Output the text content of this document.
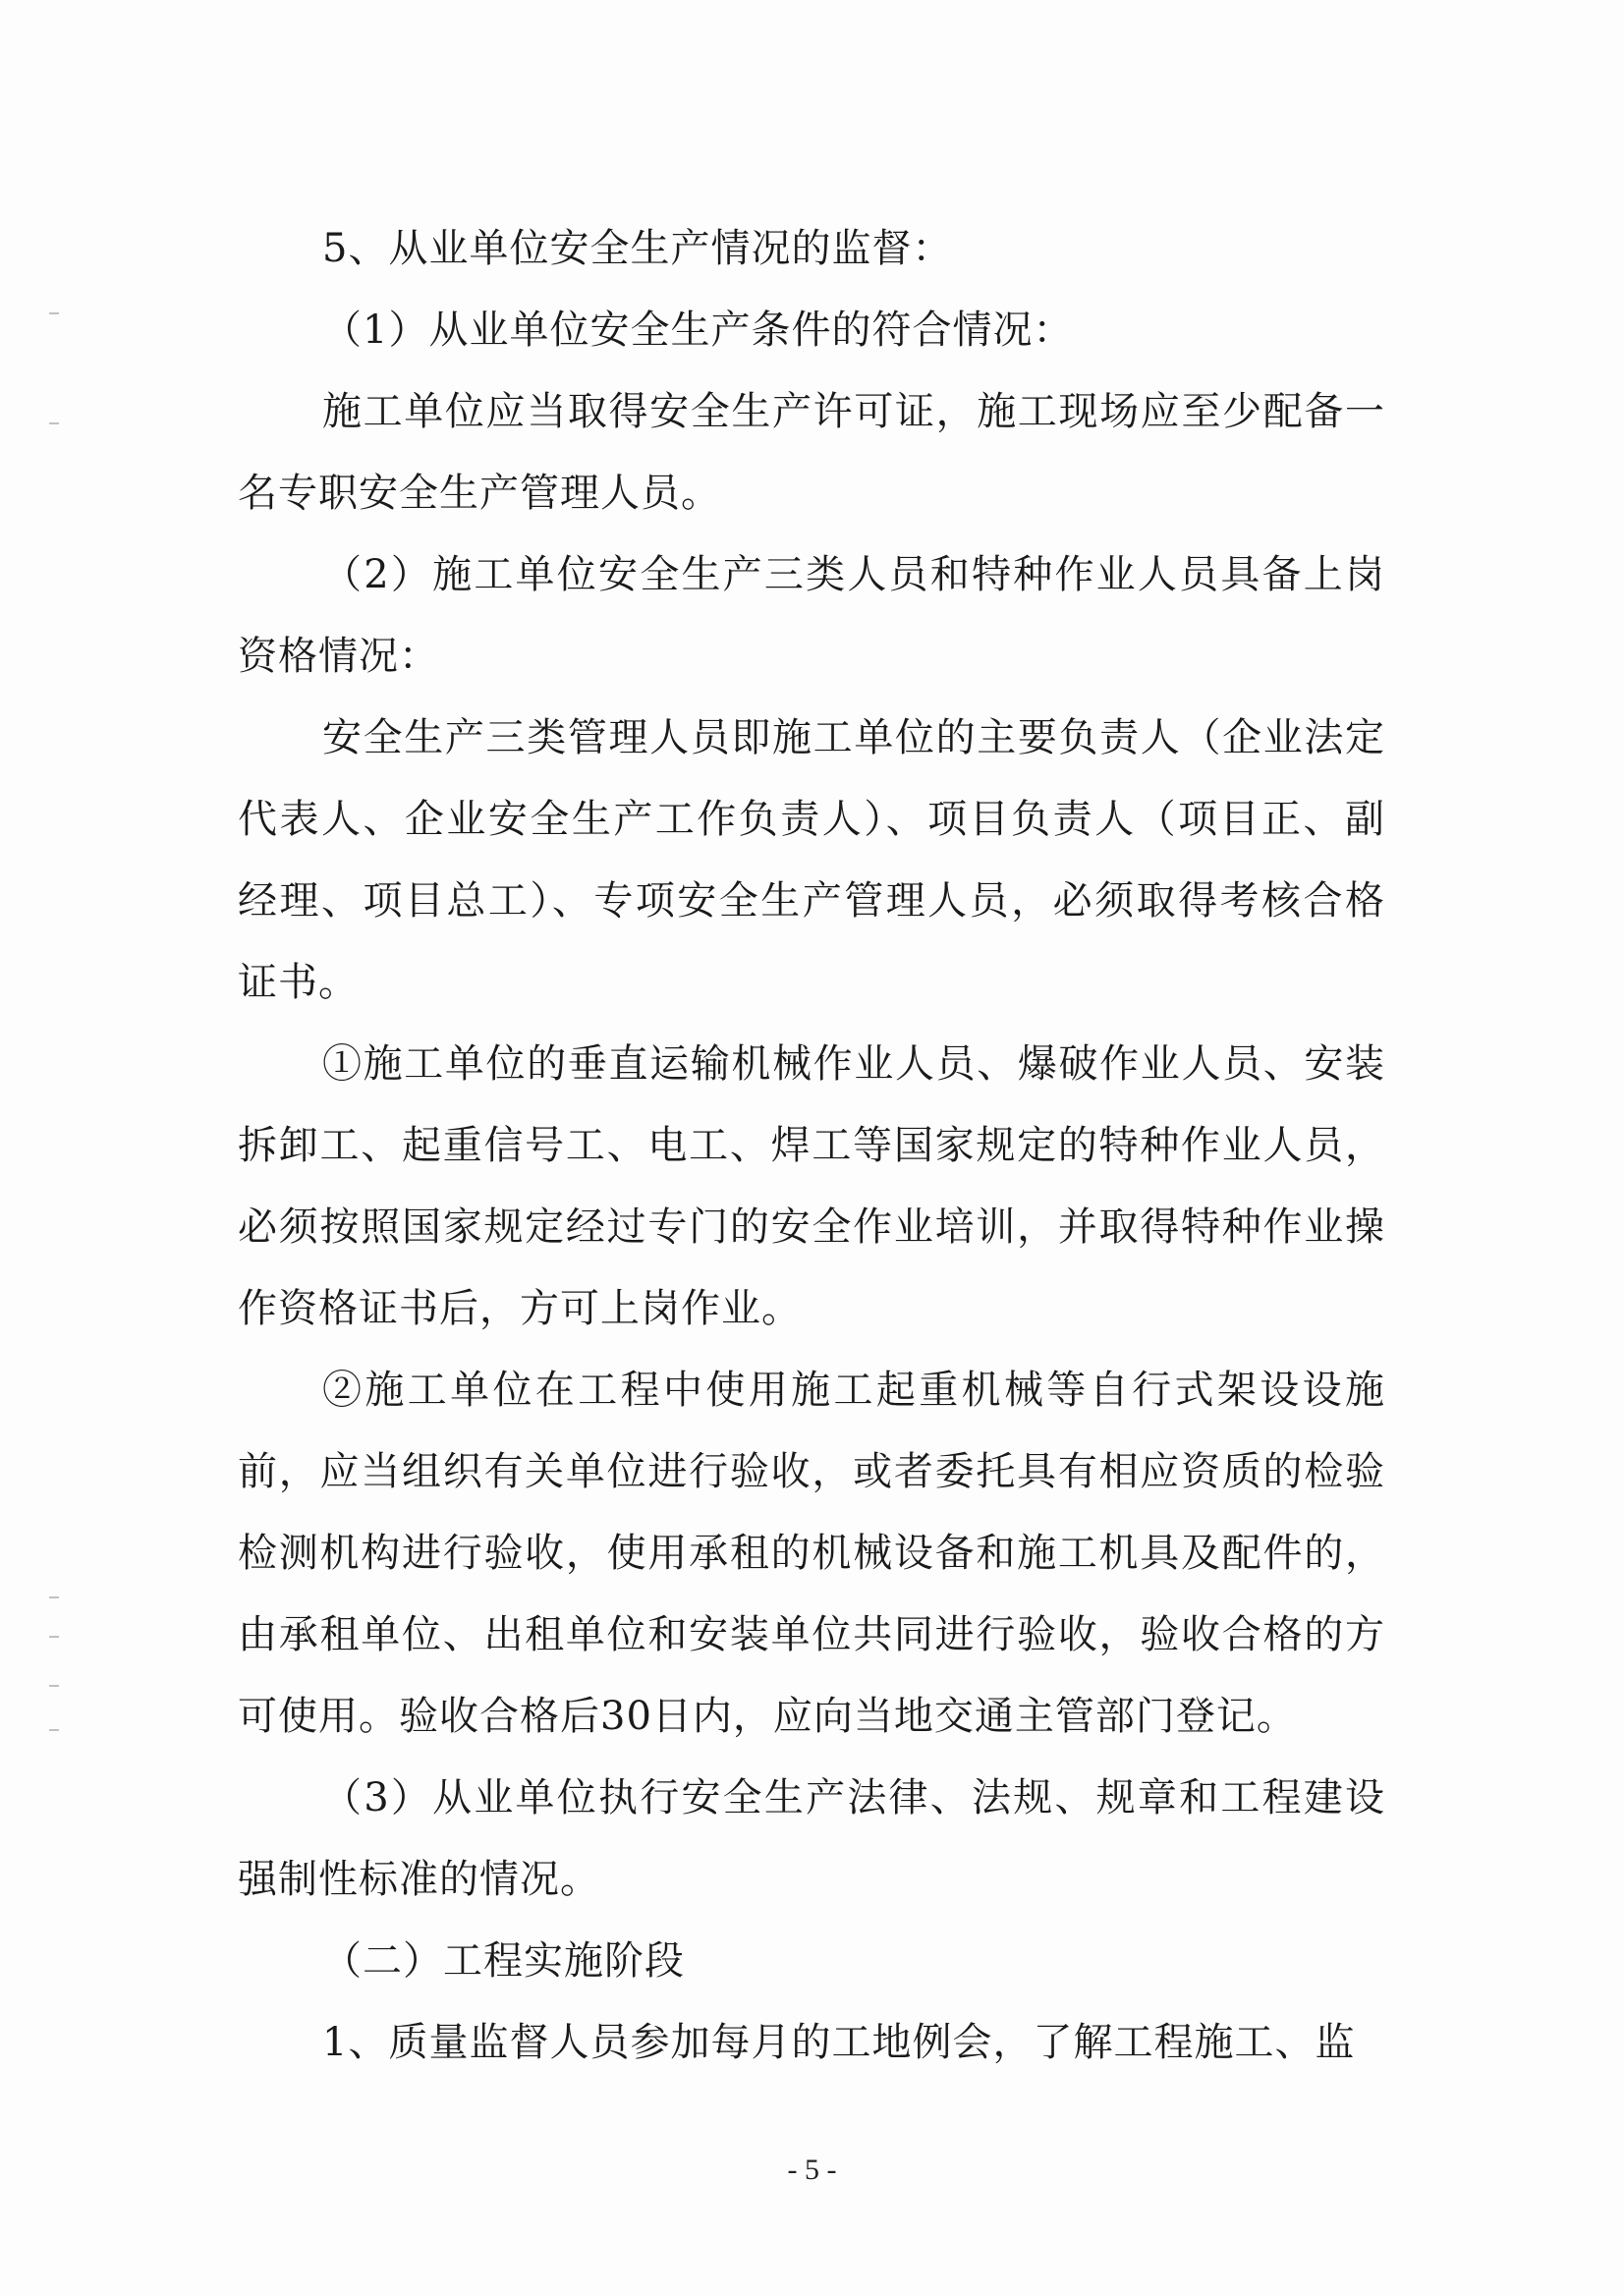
5、从业单位安全生产情况的监督：

（1）从业单位安全生产条件的符合情况：

施工单位应当取得安全生产许可证，施工现场应至少配备一名专职安全生产管理人员。

（2）施工单位安全生产三类人员和特种作业人员具备上岗资格情况：

安全生产三类管理人员即施工单位的主要负责人（企业法定代表人、企业安全生产工作负责人）、项目负责人（项目正、副经理、项目总工）、专项安全生产管理人员，必须取得考核合格证书。

①施工单位的垂直运输机械作业人员、爆破作业人员、安装拆卸工、起重信号工、电工、焊工等国家规定的特种作业人员，必须按照国家规定经过专门的安全作业培训，并取得特种作业操作资格证书后，方可上岗作业。

②施工单位在工程中使用施工起重机械等自行式架设设施前，应当组织有关单位进行验收，或者委托具有相应资质的检验检测机构进行验收，使用承租的机械设备和施工机具及配件的，由承租单位、出租单位和安装单位共同进行验收，验收合格的方可使用。验收合格后30日内，应向当地交通主管部门登记。

（3）从业单位执行安全生产法律、法规、规章和工程建设强制性标准的情况。

（二）工程实施阶段

1、质量监督人员参加每月的工地例会，了解工程施工、监

- 5 -
